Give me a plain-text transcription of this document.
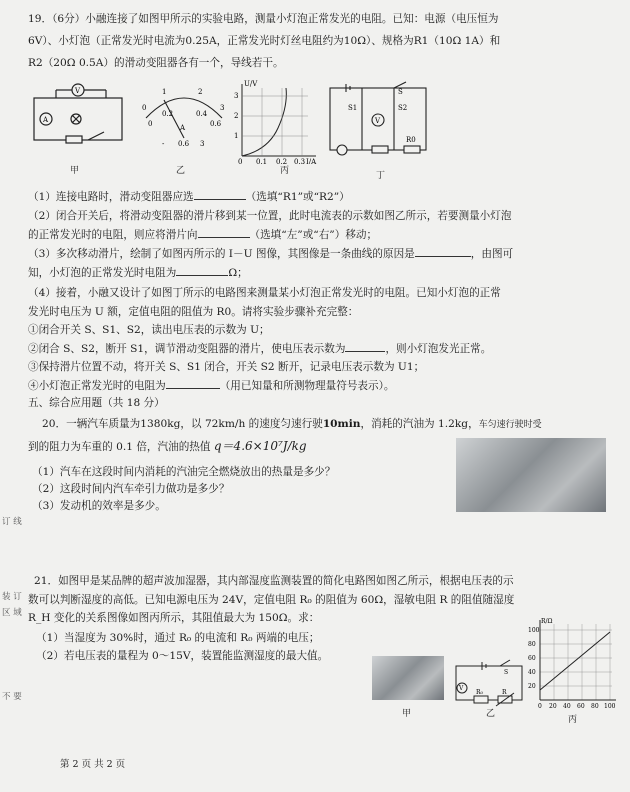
19．（6分）小融连接了如图甲所示的实验电路，测量小灯泡正常发光的电阻。已知：电源（电压恒为
6V）、小灯泡（正常发光时电流为0.25A，正常发光时灯丝电阻约为10Ω）、规格为R1（10Ω 1A）和
R2（20Ω 0.5A）的滑动变阻器各有一个，导线若干。
V
A
甲
0
1	2
3
0
0.2	0.4
0.6
A
- 0.6 3
乙
U/V
I/A
1
2
3
0 0.1 0.2 0.3
丙
S
S1	S2
V
R0
丁
（1）连接电路时，滑动变阻器应选	（选填“R1”或“R2”）
（2）闭合开关后，将滑动变阻器的滑片移到某一位置，此时电流表的示数如图乙所示，若要测量小灯泡
的正常发光时的电阻，则应将滑片向	（选填“左”或“右”）移动；
（3）多次移动滑片，绘制了如图丙所示的 I－U 图像，其图像是一条曲线的原因是	，由图可
知，小灯泡的正常发光时电阻为	Ω；
（4）接着，小融又设计了如图丁所示的电路图来测量某小灯泡正常发光时的电阻。已知小灯泡的正常
发光时电压为 U 额，定值电阻的阻值为 R0。请将实验步骤补充完整：
①闭合开关 S、S1、S2，读出电压表的示数为 U；
②闭合 S、S2，断开 S1，调节滑动变阻器的滑片，使电压表示数为	，则小灯泡发光正常。
③保持滑片位置不动，将开关 S、S1 闭合，开关 S2 断开，记录电压表示数为 U1；
④小灯泡正常发光时的电阻为	（用已知量和所测物理量符号表示）。
五、综合应用题（共 18 分）
20．一辆汽车质量为1380kg，以 72km/h 的速度匀速行驶10min，消耗的汽油为 1.2kg，车匀速行驶时受
到的阻力为车重的 0.1 倍，汽油的热值 q＝4.6×10⁷J/kg
（1）汽车在这段时间内消耗的汽油完全燃烧放出的热量是多少？
（2）这段时间内汽车牵引力做功是多少？
（3）发动机的效率是多少。
21．如图甲是某品牌的超声波加湿器，其内部湿度监测装置的简化电路图如图乙所示，根据电压表的示
数可以判断湿度的高低。已知电源电压为 24V，定值电阻 R₀ 的阻值为 60Ω，湿敏电阻 R 的阻值随湿度
R_H 变化的关系图像如图丙所示，其阻值最大为 150Ω。求：
（1）当湿度为 30%时，通过 R₀ 的电流和 R₀ 两端的电压；
（2）若电压表的量程为 0～15V，装置能监测湿度的最大值。
甲
S
V
R₀	R
乙
R/Ω
20
40
60
80
100
0 20 40 60 80 100
丙
订 线
装 订
区 域
不 要
第 2 页 共 2 页
